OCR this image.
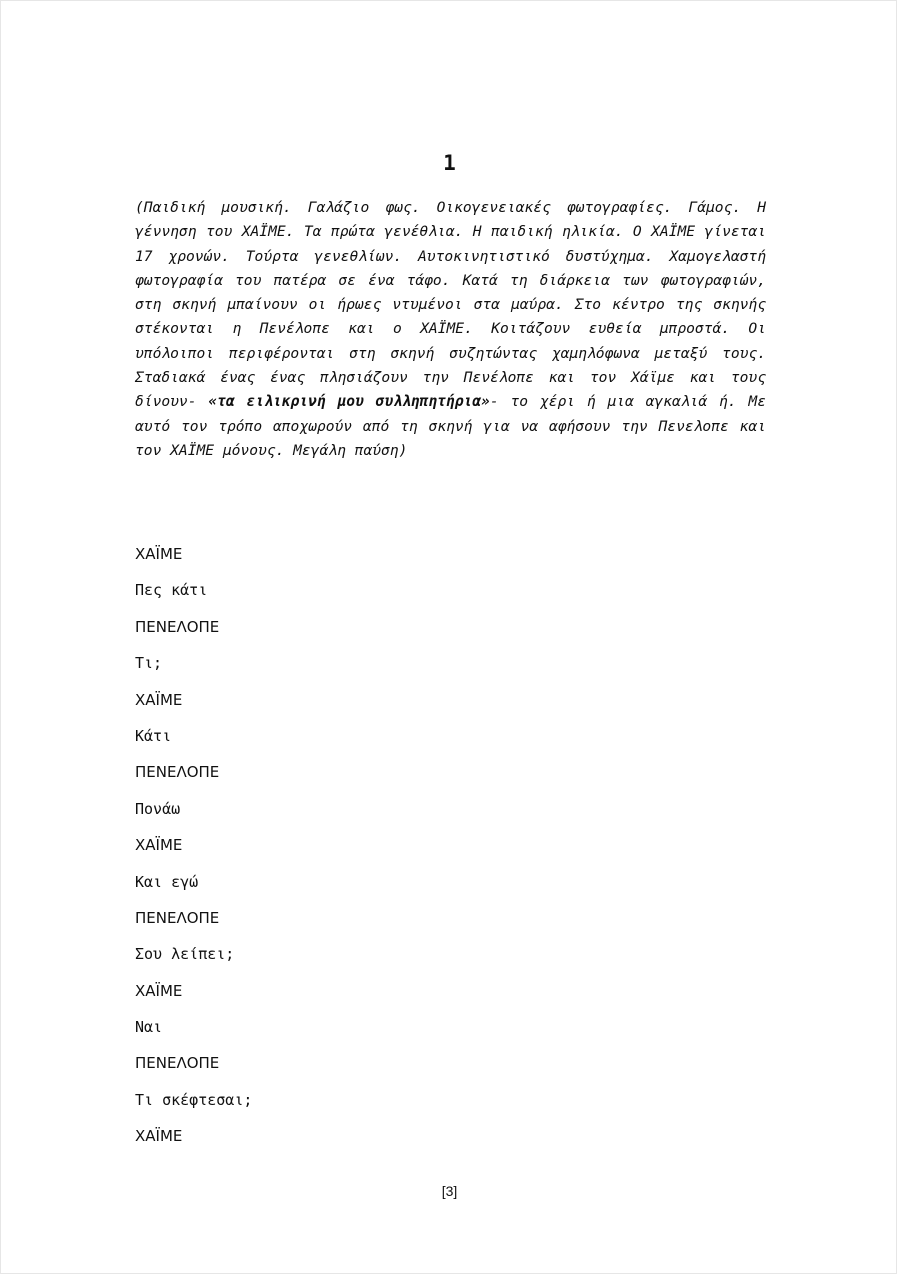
1

(Παιδική μουσική. Γαλάζιο φως. Οικογενειακές φωτογραφίες. Γάμος. Η γέννηση του ΧΑΪΜΕ. Τα πρώτα γενέθλια. Η παιδική ηλικία. Ο ΧΑΪΜΕ γίνεται 17 χρονών. Τούρτα γενεθλίων. Αυτοκινητιστικό δυστύχημα. Χαμογελαστή φωτογραφία του πατέρα σε ένα τάφο. Κατά τη διάρκεια των φωτογραφιών, στη σκηνή μπαίνουν οι ήρωες ντυμένοι στα μαύρα. Στο κέντρο της σκηνής στέκονται η Πενέλοπε και ο ΧΑΪΜΕ. Κοιτάζουν ευθεία μπροστά. Οι υπόλοιποι περιφέρονται στη σκηνή συζητώντας χαμηλόφωνα μεταξύ τους. Σταδιακά ένας ένας πλησιάζουν την Πενέλοπε και τον Χάϊμε και τους δίνουν- «τα ειλικρινή μου συλληπητήρια»- το χέρι ή μια αγκαλιά ή. Με αυτό τον τρόπο αποχωρούν από τη σκηνή για να αφήσουν την Πενελοπε και τον ΧΑΪΜΕ μόνους. Μεγάλη παύση)

ΧΑΪΜΕ
Πες κάτι
ΠΕΝΕΛΟΠΕ
Τι;
ΧΑΪΜΕ
Κάτι
ΠΕΝΕΛΟΠΕ
Πονάω
ΧΑΪΜΕ
Και εγώ
ΠΕΝΕΛΟΠΕ
Σου λείπει;
ΧΑΪΜΕ
Ναι
ΠΕΝΕΛΟΠΕ
Τι σκέφτεσαι;
ΧΑΪΜΕ
[3]
